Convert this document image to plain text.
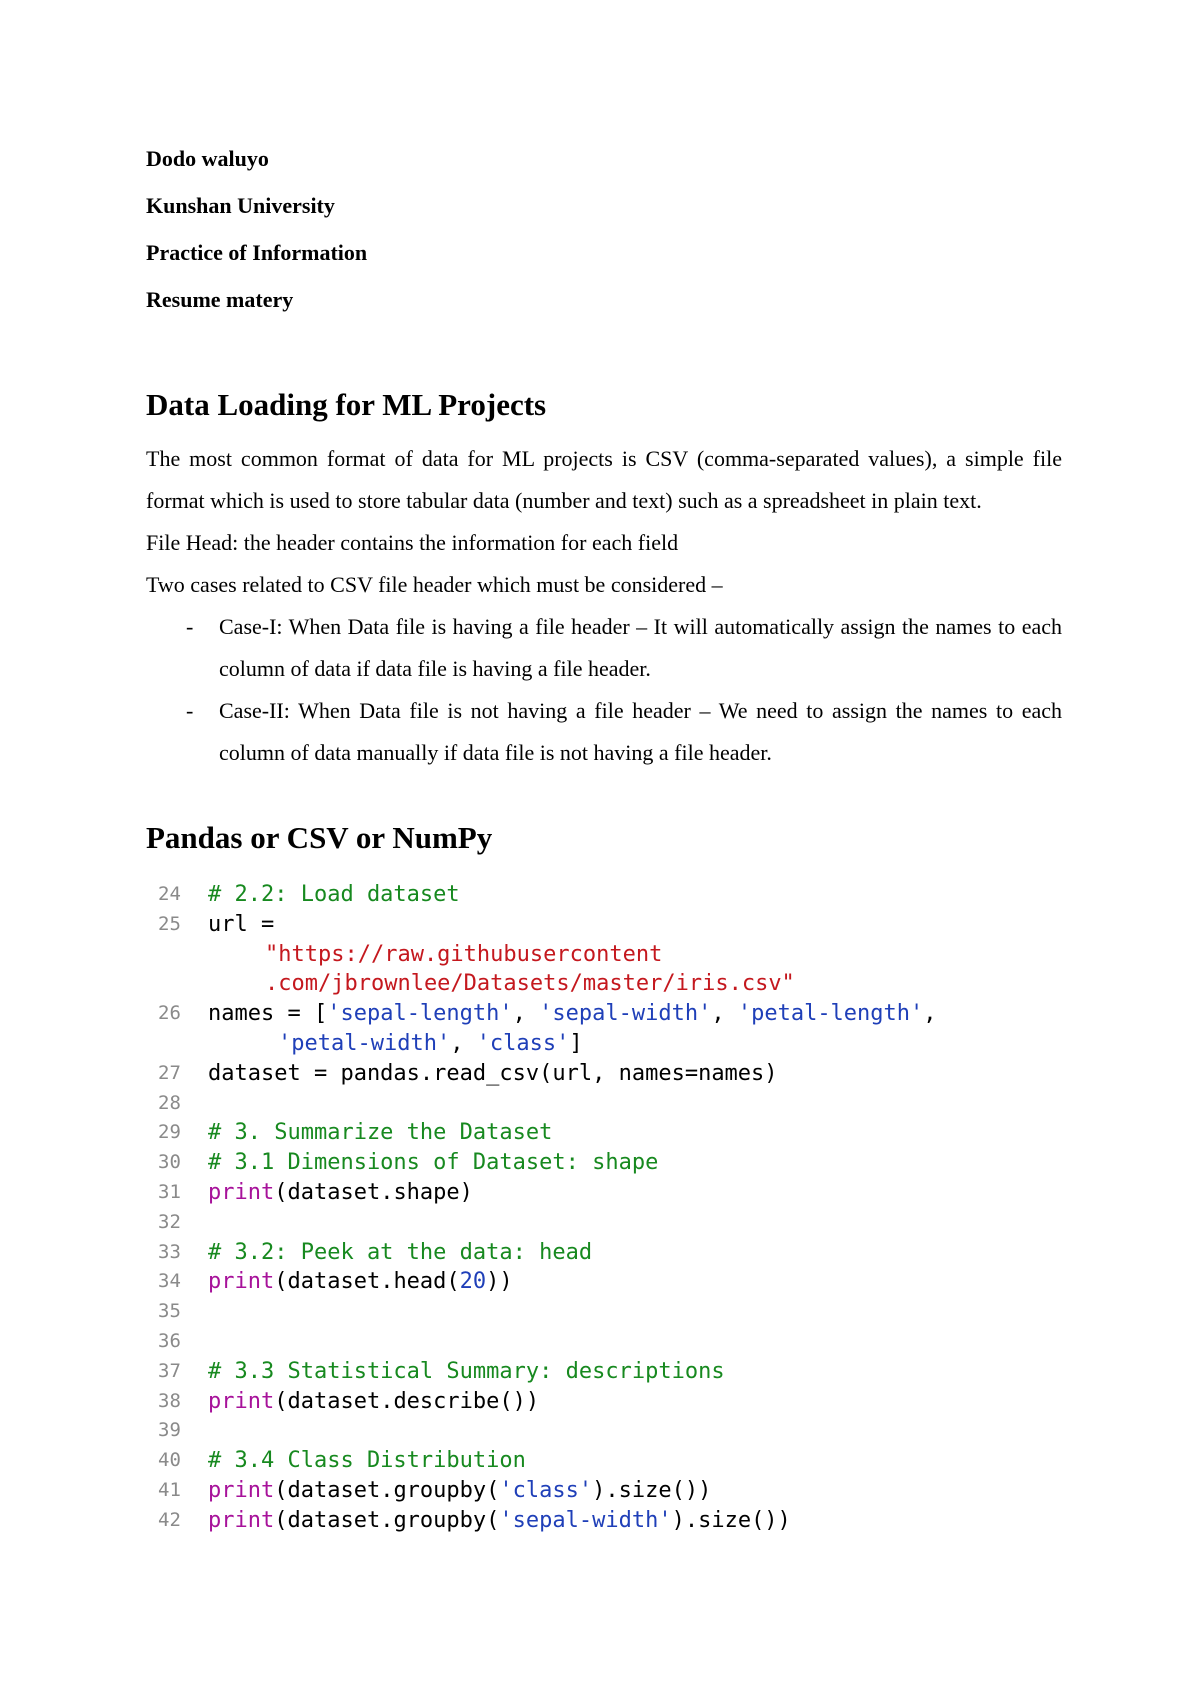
Dodo waluyo
Kunshan University
Practice of Information
Resume matery
Data Loading for ML Projects
The most common format of data for ML projects is CSV (comma-separated values), a simple file format which is used to store tabular data (number and text) such as a spreadsheet in plain text.
File Head: the header contains the information for each field
Two cases related to CSV file header which must be considered –
- Case-I: When Data file is having a file header – It will automatically assign the names to each column of data if data file is having a file header.
- Case-II: When Data file is not having a file header – We need to assign the names to each column of data manually if data file is not having a file header.
Pandas or CSV or NumPy
24	# 2.2: Load dataset
25	url =
"https://raw.githubusercontent
.com/jbrownlee/Datasets/master/iris.csv"
26	names = ['sepal-length', 'sepal-width', 'petal-length',
'petal-width', 'class']
27	dataset = pandas.read_csv(url, names=names)
28
29	# 3. Summarize the Dataset
30	# 3.1 Dimensions of Dataset: shape
31	print(dataset.shape)
32
33	# 3.2: Peek at the data: head
34	print(dataset.head(20))
35
36
37	# 3.3 Statistical Summary: descriptions
38	print(dataset.describe())
39
40	# 3.4 Class Distribution
41	print(dataset.groupby('class').size())
42	print(dataset.groupby('sepal-width').size())
